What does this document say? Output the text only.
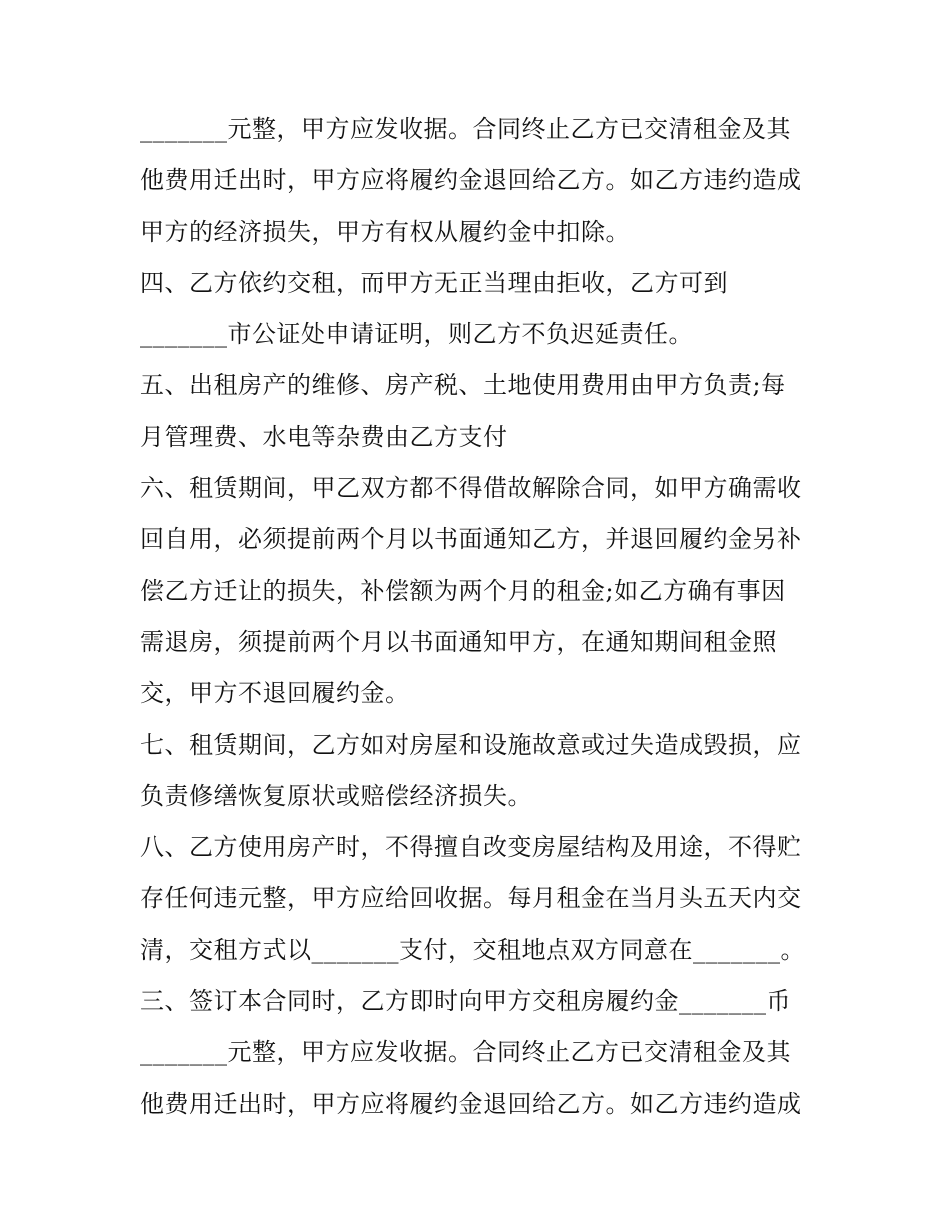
_______元整，甲方应发收据。合同终止乙方已交清租金及其
他费用迁出时，甲方应将履约金退回给乙方。如乙方违约造成
甲方的经济损失，甲方有权从履约金中扣除。
四、乙方依约交租，而甲方无正当理由拒收，乙方可到
_______市公证处申请证明，则乙方不负迟延责任。
五、出租房产的维修、房产税、土地使用费用由甲方负责;每
月管理费、水电等杂费由乙方支付
六、租赁期间，甲乙双方都不得借故解除合同，如甲方确需收
回自用，必须提前两个月以书面通知乙方，并退回履约金另补
偿乙方迁让的损失，补偿额为两个月的租金;如乙方确有事因
需退房，须提前两个月以书面通知甲方，在通知期间租金照
交，甲方不退回履约金。
七、租赁期间，乙方如对房屋和设施故意或过失造成毁损，应
负责修缮恢复原状或赔偿经济损失。
八、乙方使用房产时，不得擅自改变房屋结构及用途，不得贮
存任何违元整，甲方应给回收据。每月租金在当月头五天内交
清，交租方式以_______支付，交租地点双方同意在_______。
三、签订本合同时，乙方即时向甲方交租房履约金_______币
_______元整，甲方应发收据。合同终止乙方已交清租金及其
他费用迁出时，甲方应将履约金退回给乙方。如乙方违约造成
